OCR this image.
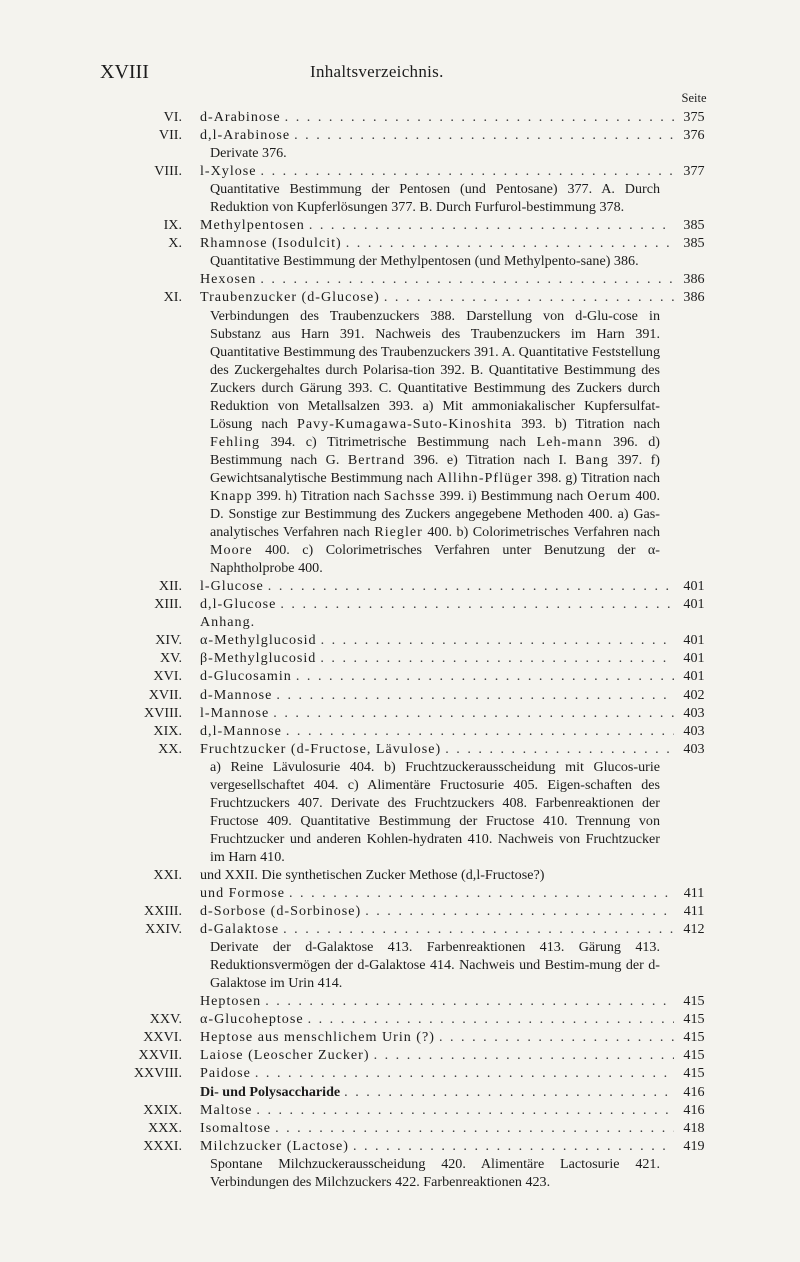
XVIII	Inhaltsverzeichnis.
Seite
VI. d-Arabinose . . .	375
VII. d,l-Arabinose . . .	376
Derivate 376.
VIII. l-Xylose . . .	377
Quantitative Bestimmung der Pentosen (und Pentosane) 377. A. Durch Reduktion von Kupferlösungen 377. B. Durch Furfurol-bestimmung 378.
IX. Methylpentosen . . .	385
X. Rhamnose (Isodulcit) . . .	385
Quantitative Bestimmung der Methylpentosen (und Methylpento-sane) 386.
Hexosen . . .	386
XI. Traubenzucker (d-Glucose) . . .	386
Verbindungen des Traubenzuckers 388. Darstellung von d-Glu-cose in Substanz aus Harn 391. Nachweis des Traubenzuckers im Harn 391. Quantitative Bestimmung des Traubenzuckers 391. A. Quantitative Feststellung des Zuckergehaltes durch Polarisa-tion 392. B. Quantitative Bestimmung des Zuckers durch Gärung 393. C. Quantitative Bestimmung des Zuckers durch Reduktion von Metallsalzen 393. a) Mit ammoniakalischer Kupfersulfat-Lösung nach Pavy-Kumagawa-Suto-Kinoshita 393. b) Titration nach Fehling 394. c) Titrimetrische Bestimmung nach Leh-mann 396. d) Bestimmung nach G. Bertrand 396. e) Titration nach I. Bang 397. f) Gewichtsanalytische Bestimmung nach Allihn-Pflüger 398. g) Titration nach Knapp 399. h) Titration nach Sachsse 399. i) Bestimmung nach Oerum 400. D. Sonstige zur Bestimmung des Zuckers angegebene Methoden 400. a) Gas-analytisches Verfahren nach Riegler 400. b) Colorimetrisches Verfahren nach Moore 400. c) Colorimetrisches Verfahren unter Benutzung der α-Naphtholprobe 400.
XII. l-Glucose . . .	401
XIII. d,l-Glucose . . .	401
Anhang.
XIV. α-Methylglucosid . . .	401
XV. β-Methylglucosid . . .	401
XVI. d-Glucosamin . . .	401
XVII. d-Mannose . . .	402
XVIII. l-Mannose . . .	403
XIX. d,l-Mannose . . .	403
XX. Fruchtzucker (d-Fructose, Lävulose) . . .	403
a) Reine Lävulosurie 404. b) Fruchtzuckerausscheidung mit Glucos-urie vergesellschaftet 404. c) Alimentäre Fructosurie 405. Eigen-schaften des Fruchtzuckers 407. Derivate des Fruchtzuckers 408. Farbenreaktionen der Fructose 409. Quantitative Bestimmung der Fructose 410. Trennung von Fruchtzucker und anderen Kohlen-hydraten 410. Nachweis von Fruchtzucker im Harn 410.
XXI. und XXII. Die synthetischen Zucker Methose (d,l-Fructose?)
und Formose . . .	411
XXIII. d-Sorbose (d-Sorbinose) . . .	411
XXIV. d-Galaktose . . .	412
Derivate der d-Galaktose 413. Farbenreaktionen 413. Gärung 413. Reduktionsvermögen der d-Galaktose 414. Nachweis und Bestim-mung der d-Galaktose im Urin 414.
Heptosen . . .	415
XXV. α-Glucoheptose . . .	415
XXVI. Heptose aus menschlichem Urin (?) . . .	415
XXVII. Laiose (Leoscher Zucker) . . .	415
XXVIII. Paidose . . .	415
Di- und Polysaccharide . . .	416
XXIX. Maltose . . .	416
XXX. Isomaltose . . .	418
XXXI. Milchzucker (Lactose) . . .	419
Spontane Milchzuckerausscheidung 420. Alimentäre Lactosurie 421. Verbindungen des Milchzuckers 422. Farbenreaktionen 423.
